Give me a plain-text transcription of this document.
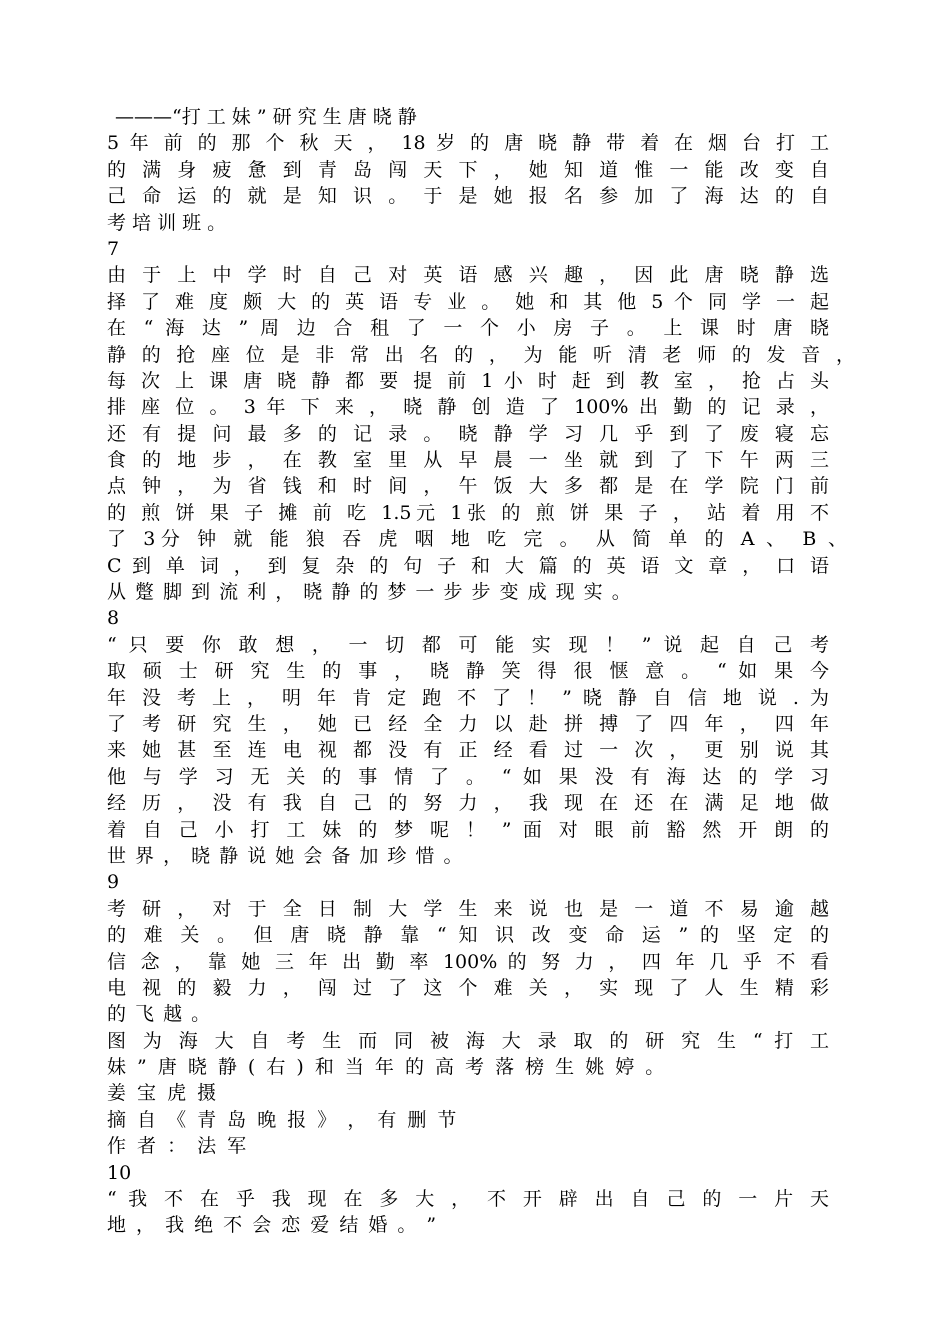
———“打 工 妹 ” 研 究 生 唐 晓 静
5 年 前 的 那 个 秋 天 ， 18 岁 的 唐 晓 静 带 着 在 烟 台 打 工
的 满 身 疲 惫 到 青 岛 闯 天 下 ， 她 知 道 惟 一 能 改 变 自
己 命 运 的 就 是 知 识 。 于 是 她 报 名 参 加 了 海 达 的 自
考 培 训 班 。
7
由 于 上 中 学 时 自 己 对 英 语 感 兴 趣 ， 因 此 唐 晓 静 选
择 了 难 度 颇 大 的 英 语 专 业 。 她 和 其 他 5 个 同 学 一 起
在 “ 海 达 ” 周 边 合 租 了 一 个 小 房 子 。 上 课 时 唐 晓
静 的 抢 座 位 是 非 常 出 名 的 ， 为 能 听 清 老 师 的 发 音 ，
每 次 上 课 唐 晓 静 都 要 提 前 1 小 时 赶 到 教 室 ， 抢 占 头
排 座 位 。 3 年 下 来 ， 晓 静 创 造 了 100% 出 勤 的 记 录 ，
还 有 提 问 最 多 的 记 录 。 晓 静 学 习 几 乎 到 了 废 寝 忘
食 的 地 步 ， 在 教 室 里 从 早 晨 一 坐 就 到 了 下 午 两 三
点 钟 ， 为 省 钱 和 时 间 ， 午 饭 大 多 都 是 在 学 院 门 前
的 煎 饼 果 子 摊 前 吃 1.5元 1张 的 煎 饼 果 子 ， 站 着 用 不
了 3分 钟 就 能 狼 吞 虎 咽 地 吃 完 。 从 简 单 的 A 、 B 、
C 到 单 词 ， 到 复 杂 的 句 子 和 大 篇 的 英 语 文 章 ， 口 语
从 蹩 脚 到 流 利 ， 晓 静 的 梦 一 步 步 变 成 现 实 。
8
“ 只 要 你 敢 想 ， 一 切 都 可 能 实 现 ！ ” 说 起 自 己 考
取 硕 士 研 究 生 的 事 ， 晓 静 笑 得 很 惬 意 。 “ 如 果 今
年 没 考 上 ， 明 年 肯 定 跑 不 了 ！ ” 晓 静 自 信 地 说 . 为
了 考 研 究 生 ， 她 已 经 全 力 以 赴 拼 搏 了 四 年 ， 四 年
来 她 甚 至 连 电 视 都 没 有 正 经 看 过 一 次 ， 更 别 说 其
他 与 学 习 无 关 的 事 情 了 。 “ 如 果 没 有 海 达 的 学 习
经 历 ， 没 有 我 自 己 的 努 力 ， 我 现 在 还 在 满 足 地 做
着 自 己 小 打 工 妹 的 梦 呢 ！ ” 面 对 眼 前 豁 然 开 朗 的
世 界 ， 晓 静 说 她 会 备 加 珍 惜 。
9
考 研 ， 对 于 全 日 制 大 学 生 来 说 也 是 一 道 不 易 逾 越
的 难 关 。 但 唐 晓 静 靠 “ 知 识 改 变 命 运 ” 的 坚 定 的
信 念 ， 靠 她 三 年 出 勤 率 100% 的 努 力 ， 四 年 几 乎 不 看
电 视 的 毅 力 ， 闯 过 了 这 个 难 关 ， 实 现 了 人 生 精 彩
的 飞 越 。
图 为 海 大 自 考 生 而 同 被 海 大 录 取 的 研 究 生 “ 打 工
妹 ” 唐 晓 静 ( 右 ) 和 当 年 的 高 考 落 榜 生 姚 婷 。
姜 宝 虎 摄
摘 自 《 青 岛 晚 报 》 ， 有 删 节
作 者 ： 法 军
10
“ 我 不 在 乎 我 现 在 多 大 ， 不 开 辟 出 自 己 的 一 片 天
地 ， 我 绝 不 会 恋 爱 结 婚 。 ”
